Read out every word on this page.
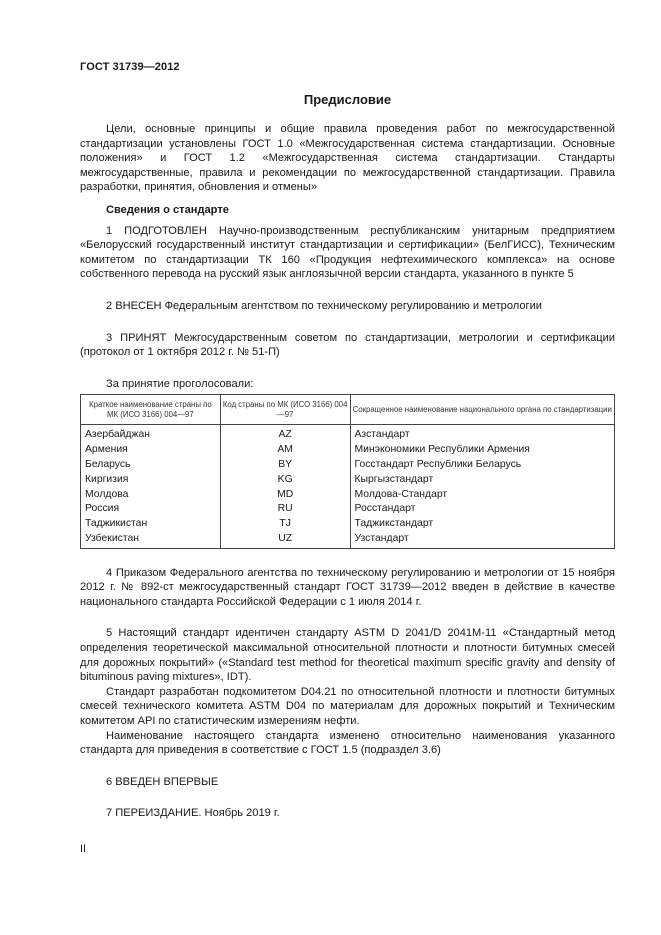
ГОСТ 31739—2012
Предисловие

Цели, основные принципы и общие правила проведения работ по межгосударственной стандартизации установлены ГОСТ 1.0 «Межгосударственная система стандартизации. Основные положения» и ГОСТ 1.2 «Межгосударственная система стандартизации. Стандарты межгосударственные, правила и рекомендации по межгосударственной стандартизации. Правила разработки, принятия, обновления и отмены»

Сведения о стандарте

1 ПОДГОТОВЛЕН Научно-производственным республиканским унитарным предприятием «Белорусский государственный институт стандартизации и сертификации» (БелГИСС), Техническим комитетом по стандартизации ТК 160 «Продукция нефтехимического комплекса» на основе собственного перевода на русский язык англоязычной версии стандарта, указанного в пункте 5

2 ВНЕСЕН Федеральным агентством по техническому регулированию и метрологии

3 ПРИНЯТ Межгосударственным советом по стандартизации, метрологии и сертификации (протокол от 1 октября 2012 г. № 51-П)

За принятие проголосовали:

Краткое наименование страны по МК (ИСО 3166) 004—97	Код страны по МК (ИСО 3166) 004—97	Сокращенное наименование национального органа по стандартизации
Азербайджан	AZ	Азстандарт
Армения	AM	Минэкономики Республики Армения
Беларусь	BY	Госстандарт Республики Беларусь
Киргизия	KG	Кыргызстандарт
Молдова	MD	Молдова-Стандарт
Россия	RU	Росстандарт
Таджикистан	TJ	Таджикстандарт
Узбекистан	UZ	Узстандарт

4 Приказом Федерального агентства по техническому регулированию и метрологии от 15 ноября 2012 г. № 892-ст межгосударственный стандарт ГОСТ 31739—2012 введен в действие в качестве национального стандарта Российской Федерации с 1 июля 2014 г.

5 Настоящий стандарт идентичен стандарту ASTM D 2041/D 2041M-11 «Стандартный метод определения теоретической максимальной относительной плотности и плотности битумных смесей для дорожных покрытий» («Standard test method for theoretical maximum specific gravity and density of bituminous paving mixtures», IDT).

Стандарт разработан подкомитетом D04.21 по относительной плотности и плотности битумных смесей технического комитета ASTM D04 по материалам для дорожных покрытий и Техническим комитетом API по статистическим измерениям нефти.

Наименование настоящего стандарта изменено относительно наименования указанного стандарта для приведения в соответствие с ГОСТ 1.5 (подраздел 3.6)

6 ВВЕДЕН ВПЕРВЫЕ

7 ПЕРЕИЗДАНИЕ. Ноябрь 2019 г.

II
